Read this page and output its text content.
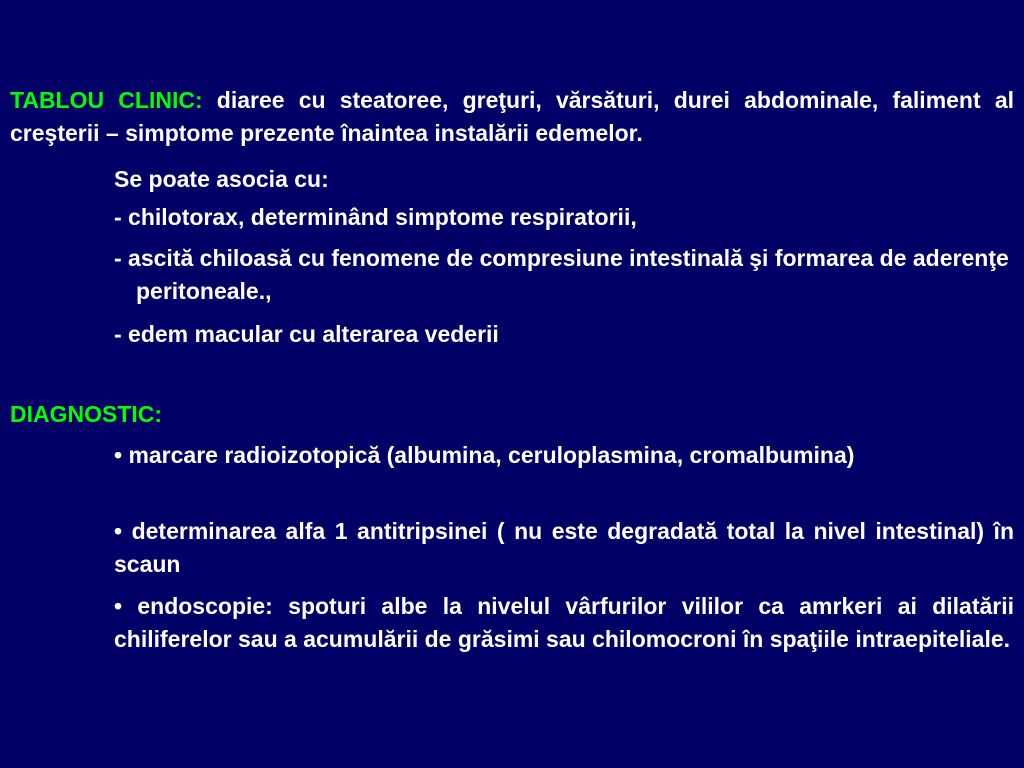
TABLOU CLINIC: diaree cu steatoree, greţuri, vărsături, durei abdominale, faliment al creşterii – simptome prezente înaintea instalării edemelor.
Se poate asocia cu:
- chilotorax, determinând simptome respiratorii,
- ascită chiloasă cu fenomene de compresiune intestinală şi formarea de aderenţe peritoneale.,
- edem macular cu alterarea vederii
DIAGNOSTIC:
• marcare radioizotopică (albumina, ceruloplasmina, cromalbumina)
• determinarea alfa 1 antitripsinei ( nu este degradată total la nivel intestinal) în scaun
• endoscopie: spoturi albe la nivelul vârfurilor vililor ca amrkeri ai dilatării chiliferelor sau a acumulării de grăsimi sau chilomocroni în spaţiile intraepiteliale.
